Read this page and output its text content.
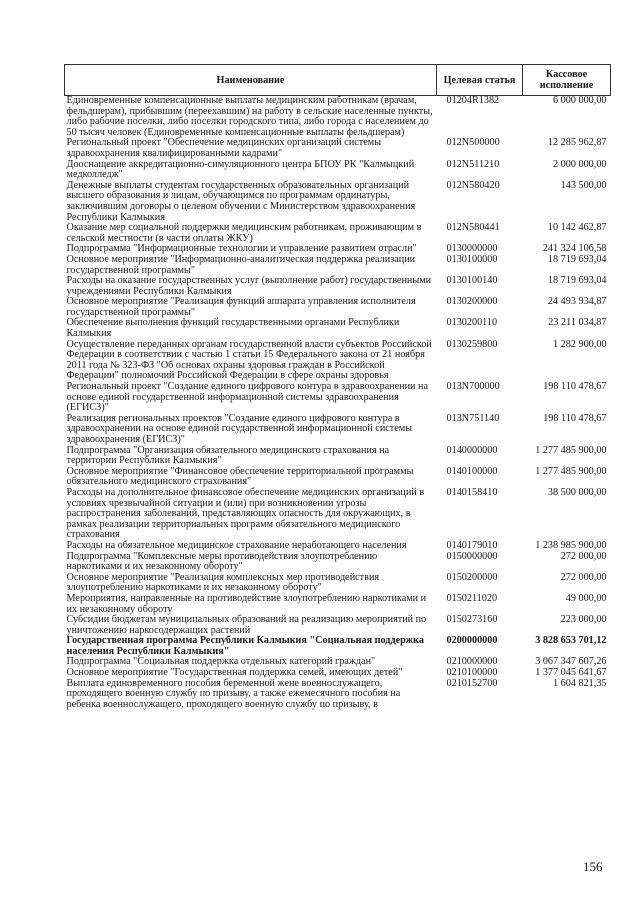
Наименование	Целевая статья	Кассовое исполнение
Единовременные компенсационные выплаты медицинским работникам (врачам, фельдшерам), прибывшим (переехавшим) на работу в сельские населенные пункты, либо рабочие поселки, либо поселки городского типа, либо города с населением до 50 тысяч человек (Единовременные компенсационные выплаты фельдшерам)	01204R1382	6 000 000,00
Региональный проект "Обеспечение медицинских организаций системы здравоохранения квалифицированными кадрами"	012N500000	12 285 962,87
Дооснащение аккредитационно-симуляционного центра БПОУ РК "Калмыцкий медколледж"	012N511210	2 000 000,00
Денежные выплаты студентам государственных образовательных организаций высшего образования и лицам, обучающимся по программам ординатуры, заключившим договоры о целевом обучении с Министерством здравоохранения Республики Калмыкия	012N580420	143 500,00
Оказание мер социальной поддержки медицинским работникам, проживающим в сельской местности (в части оплаты ЖКУ)	012N580441	10 142 462,87
Подпрограмма "Информационные технологии и управление развитием отрасли"	0130000000	241 324 106,58
Основное мероприятие "Информационно-аналитическая поддержка реализации государственной программы"	0130100000	18 719 693,04
Расходы на оказание государственных услуг (выполнение работ) государственными учреждениями Республики Калмыкия	0130100140	18 719 693,04
Основное мероприятие "Реализация функций аппарата управления исполнителя государственной программы"	0130200000	24 493 934,87
Обеспечение выполнения функций государственными органами Республики Калмыкия	0130200110	23 211 034,87
Осуществление переданных органам государственной власти субъектов Российской Федерации в соответствии с частью 1 статьи 15 Федерального закона от 21 ноября 2011 года № 323-ФЗ "Об основах охраны здоровья граждан в Российской Федерации" полномочий Российской Федерации в сфере охраны здоровья	0130259800	1 282 900,00
Региональный проект "Создание единого цифрового контура в здравоохранении на основе единой государственной информационной системы здравоохранения (ЕГИСЗ)"	013N700000	198 110 478,67
Реализация региональных проектов "Создание единого цифрового контура в здравоохранении на основе единой государственной информационной системы здравоохранения (ЕГИСЗ)"	013N751140	198 110 478,67
Подпрограмма "Организация обязательного медицинского страхования на территории Республики Калмыкия"	0140000000	1 277 485 900,00
Основное мероприятие "Финансовое обеспечение территориальной программы обязательного медицинского страхования"	0140100000	1 277 485 900,00
Расходы на дополнительное финансовое обеспечение медицинских организаций в условиях чрезвычайной ситуации и (или) при возникновении угрозы распространения заболеваний, представляющих опасность для окружающих, в рамках реализации территориальных программ обязательного медицинского страхования	0140158410	38 500 000,00
Расходы на обязательное медицинское страхование неработающего населения	0140179010	1 238 985 900,00
Подпрограмма "Комплексные меры противодействия злоупотреблению наркотиками и их незаконному обороту"	0150000000	272 000,00
Основное мероприятие "Реализация комплексных мер противодействия злоупотреблению наркотиками и их незаконному обороту"	0150200000	272 000,00
Мероприятия, направленные на противодействие злоупотреблению наркотиками и их незаконному обороту	0150211020	49 000,00
Субсидии бюджетам муниципальных образований на реализацию мероприятий по уничтожению наркосодержащих растений	0150273160	223 000,00
Государственная программа Республики Калмыкия "Социальная поддержка населения Республики Калмыкия"	0200000000	3 828 653 701,12
Подпрограмма "Социальная поддержка отдельных категорий граждан"	0210000000	3 067 347 607,26
Основное мероприятие "Государственная поддержка семей, имеющих детей"	0210100000	1 377 045 641,67
Выплата единовременного пособия беременной жене военнослужащего, проходящего военную службу по призыву, а также ежемесячного пособия на ребенка военнослужащего, проходящего военную службу по призыву, в	0210152700	1 604 821,35
156
